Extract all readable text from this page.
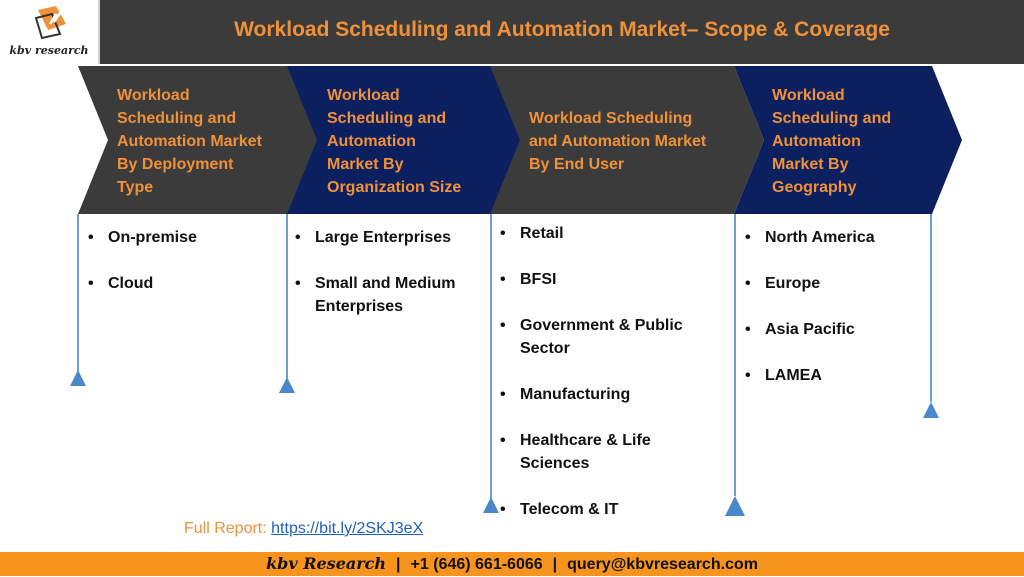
kbv research
Workload Scheduling and Automation Market– Scope & Coverage
Workload
Scheduling and
Automation Market
By Deployment
Type
Workload
Scheduling and
Automation
Market By
Organization Size
Workload Scheduling
and Automation Market
By End User
Workload
Scheduling and
Automation
Market By
Geography
• On-premise
• Cloud
• Large Enterprises
• Small and Medium Enterprises
• Retail
• BFSI
• Government & Public Sector
• Manufacturing
• Healthcare & Life Sciences
• Telecom & IT
• North America
• Europe
• Asia Pacific
• LAMEA
Full Report: https://bit.ly/2SKJ3eX
kbv Research | +1 (646) 661-6066 | query@kbvresearch.com
